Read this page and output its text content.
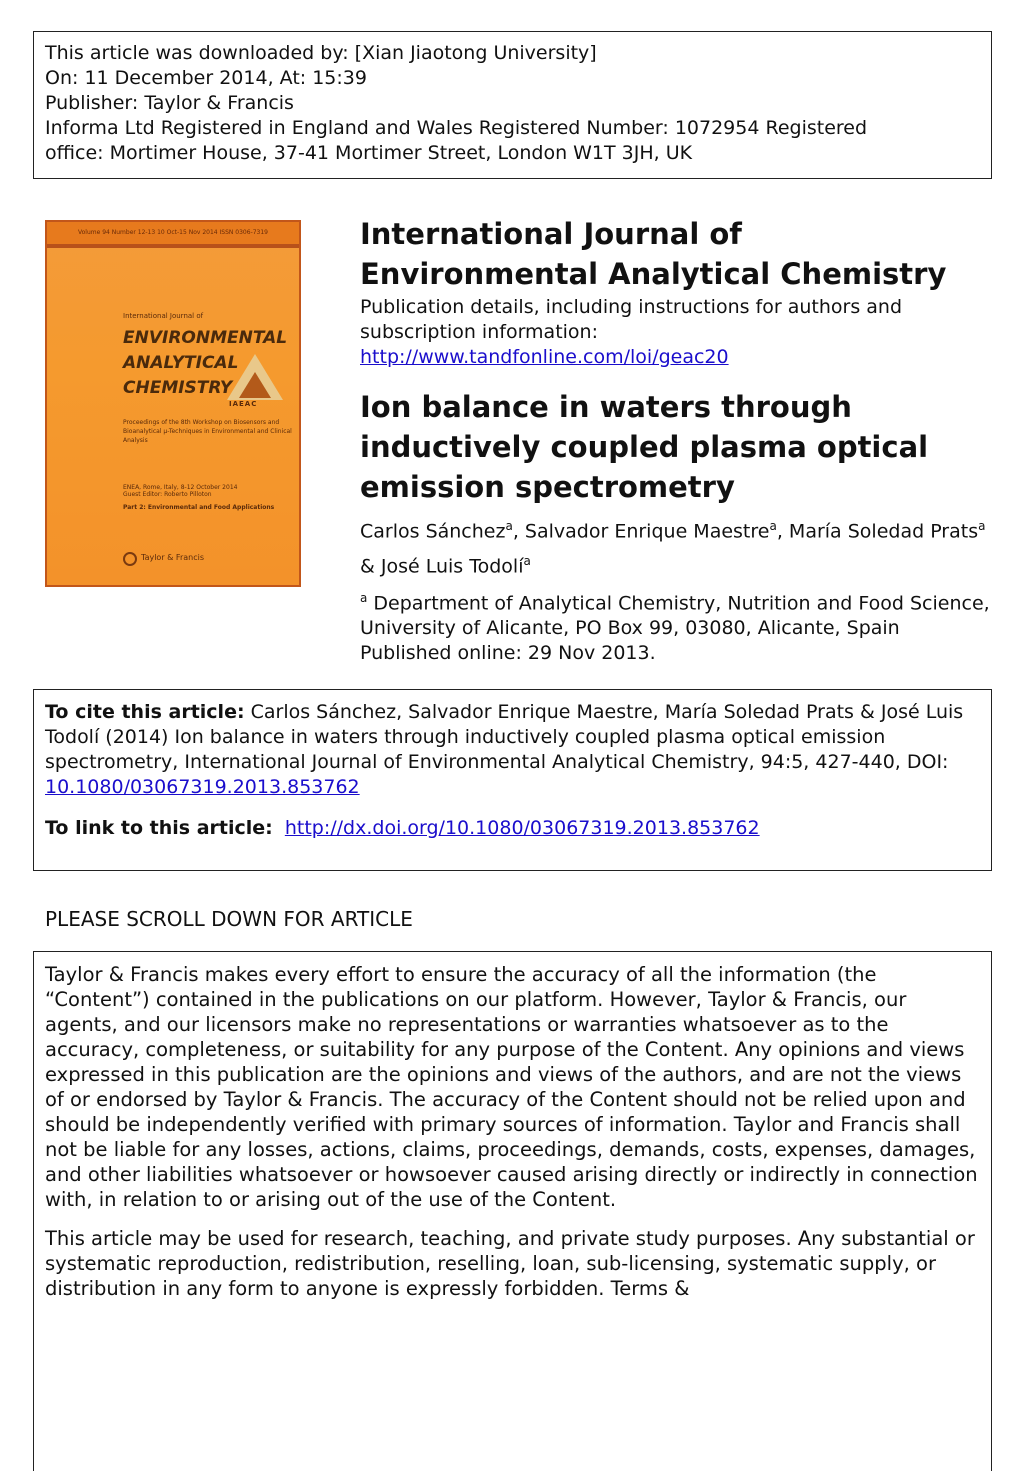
This article was downloaded by: [Xian Jiaotong University]
On: 11 December 2014, At: 15:39
Publisher: Taylor & Francis
Informa Ltd Registered in England and Wales Registered Number: 1072954 Registered
office: Mortimer House, 37-41 Mortimer Street, London W1T 3JH, UK
Volume 94 Number 12-13 10 Oct-15 Nov 2014 ISSN 0306-7319
International Journal of
ENVIRONMENTAL
ANALYTICAL
CHEMISTRY
IAEAC
Proceedings of the 8th Workshop on Biosensors and Bioanalytical µ-Techniques in Environmental and Clinical Analysis
ENEA, Rome, Italy, 8-12 October 2014
Guest Editor: Roberto Pilloton
Part 2: Environmental and Food Applications
Taylor & Francis
International Journal of Environmental Analytical Chemistry
Publication details, including instructions for authors and subscription information:
http://www.tandfonline.com/loi/geac20
Ion balance in waters through inductively coupled plasma optical emission spectrometry
Carlos Sánchez$^a$, Salvador Enrique Maestre$^a$, María Soledad Prats$^a$
& José Luis Todolí$^a$
$^a$ Department of Analytical Chemistry, Nutrition and Food Science, University of Alicante, PO Box 99, 03080, Alicante, Spain
Published online: 29 Nov 2013.
To cite this article: Carlos Sánchez, Salvador Enrique Maestre, María Soledad Prats & José Luis Todolí (2014) Ion balance in waters through inductively coupled plasma optical emission spectrometry, International Journal of Environmental Analytical Chemistry, 94:5, 427-440, DOI:
10.1080/03067319.2013.853762
To link to this article: http://dx.doi.org/10.1080/03067319.2013.853762
PLEASE SCROLL DOWN FOR ARTICLE

Taylor & Francis makes every effort to ensure the accuracy of all the information (the “Content”) contained in the publications on our platform. However, Taylor & Francis, our agents, and our licensors make no representations or warranties whatsoever as to the accuracy, completeness, or suitability for any purpose of the Content. Any opinions and views expressed in this publication are the opinions and views of the authors, and are not the views of or endorsed by Taylor & Francis. The accuracy of the Content should not be relied upon and should be independently verified with primary sources of information. Taylor and Francis shall not be liable for any losses, actions, claims, proceedings, demands, costs, expenses, damages, and other liabilities whatsoever or howsoever caused arising directly or indirectly in connection with, in relation to or arising out of the use of the Content.

This article may be used for research, teaching, and private study purposes. Any substantial or systematic reproduction, redistribution, reselling, loan, sub-licensing, systematic supply, or distribution in any form to anyone is expressly forbidden. Terms &
